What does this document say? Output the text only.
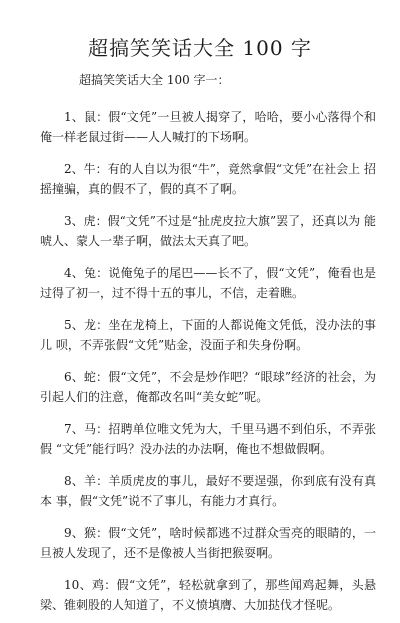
超搞笑笑话大全 100 字
超搞笑笑话大全 100 字一：

1、鼠：假“文凭”一旦被人揭穿了，哈哈，要小心落得个和 俺一样老鼠过街——人人喊打的下场啊。

2、牛：有的人自以为很“牛”，竟然拿假“文凭”在社会上 招摇撞骗，真的假不了，假的真不了啊。

3、虎：假“文凭”不过是“扯虎皮拉大旗”罢了，还真以为 能唬人、蒙人一辈子啊，做法太天真了吧。

4、兔：说俺兔子的尾巴——长不了，假“文凭”，俺看也是 过得了初一，过不得十五的事儿，不信，走着瞧。

5、龙：坐在龙椅上，下面的人都说俺文凭低，没办法的事儿 呗，不弄张假“文凭”贴金，没面子和失身份啊。

6、蛇：假“文凭”，不会是炒作吧？“眼球”经济的社会，为 引起人们的注意，俺都改名叫“美女蛇”呢。

7、马：招聘单位唯文凭为大，千里马遇不到伯乐，不弄张假 “文凭”能行吗？没办法的办法啊，俺也不想做假啊。

8、羊：羊质虎皮的事儿，最好不要逞强，你到底有没有真本 事，假“文凭”说不了事儿，有能力才真行。

9、猴：假“文凭”，啥时候都逃不过群众雪亮的眼睛的，一 旦被人发现了，还不是像被人当街把猴耍啊。

10、鸡：假“文凭”，轻松就拿到了，那些闻鸡起舞，头悬 梁、锥刺股的人知道了，不义愤填膺、大加挞伐才怪呢。
